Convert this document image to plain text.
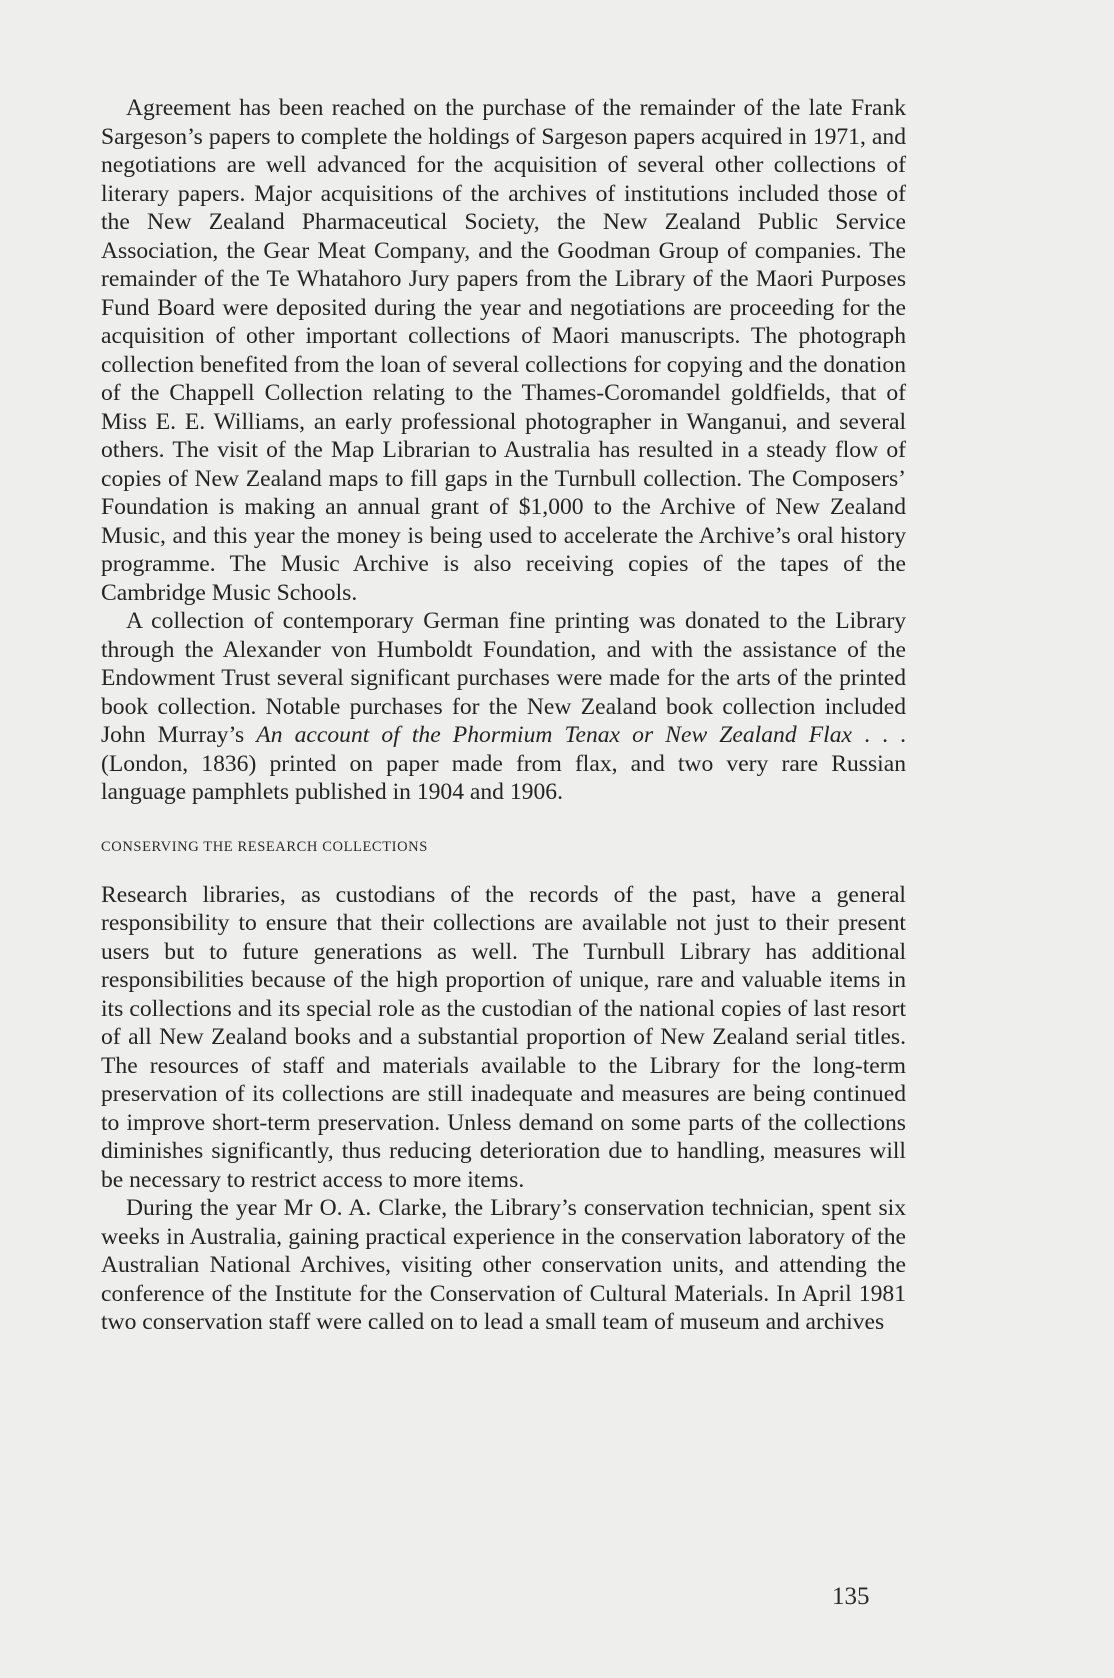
Agreement has been reached on the purchase of the remainder of the late Frank Sargeson’s papers to complete the holdings of Sargeson papers acquired in 1971, and negotiations are well advanced for the acquisition of several other collections of literary papers. Major acquisitions of the archives of institutions included those of the New Zealand Pharmaceutical Society, the New Zealand Public Service Association, the Gear Meat Company, and the Goodman Group of companies. The remainder of the Te Whatahoro Jury papers from the Library of the Maori Purposes Fund Board were deposited during the year and negotiations are proceeding for the acquisition of other important collections of Maori manuscripts. The photograph collection benefited from the loan of several collections for copying and the donation of the Chappell Collection relating to the Thames-Coromandel goldfields, that of Miss E. E. Williams, an early professional photographer in Wanganui, and several others. The visit of the Map Librarian to Australia has resulted in a steady flow of copies of New Zealand maps to fill gaps in the Turnbull collection. The Composers’ Foundation is making an annual grant of $1,000 to the Archive of New Zealand Music, and this year the money is being used to accelerate the Archive’s oral history programme. The Music Archive is also receiving copies of the tapes of the Cambridge Music Schools.

A collection of contemporary German fine printing was donated to the Library through the Alexander von Humboldt Foundation, and with the assistance of the Endowment Trust several significant purchases were made for the arts of the printed book collection. Notable purchases for the New Zealand book collection included John Murray’s An account of the Phormium Tenax or New Zealand Flax . . . (London, 1836) printed on paper made from flax, and two very rare Russian language pamphlets published in 1904 and 1906.

CONSERVING THE RESEARCH COLLECTIONS

Research libraries, as custodians of the records of the past, have a general responsibility to ensure that their collections are available not just to their present users but to future generations as well. The Turnbull Library has additional responsibilities because of the high proportion of unique, rare and valuable items in its collections and its special role as the custodian of the national copies of last resort of all New Zealand books and a substantial proportion of New Zealand serial titles. The resources of staff and materials available to the Library for the long-term preservation of its collections are still inadequate and measures are being continued to improve short-term preservation. Unless demand on some parts of the collections diminishes significantly, thus reducing deterioration due to handling, measures will be necessary to restrict access to more items.

During the year Mr O. A. Clarke, the Library’s conservation technician, spent six weeks in Australia, gaining practical experience in the conservation laboratory of the Australian National Archives, visiting other conservation units, and attending the conference of the Institute for the Conservation of Cultural Materials. In April 1981 two conservation staff were called on to lead a small team of museum and archives

135
